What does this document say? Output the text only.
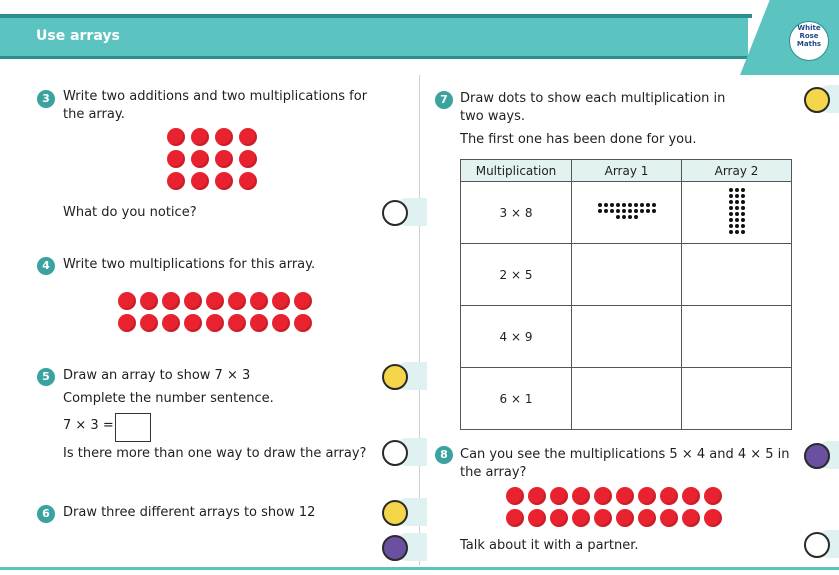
Use arrays	White
Rose
Maths
3	Write two additions and two multiplications for
the array.
What do you notice?
4	Write two multiplications for this array.
5	Draw an array to show 7 × 3
Complete the number sentence.
7 × 3 =
Is there more than one way to draw the array?
6	Draw three different arrays to show 12
7 Draw dots to show each multiplication in
two ways.
The first one has been done for you.
Multiplication	Array 1	Array 2
3 × 8		
2 × 5		
4 × 9		
6 × 1		
8 Can you see the multiplications 5 × 4 and 4 × 5 in
the array?
Talk about it with a partner.
